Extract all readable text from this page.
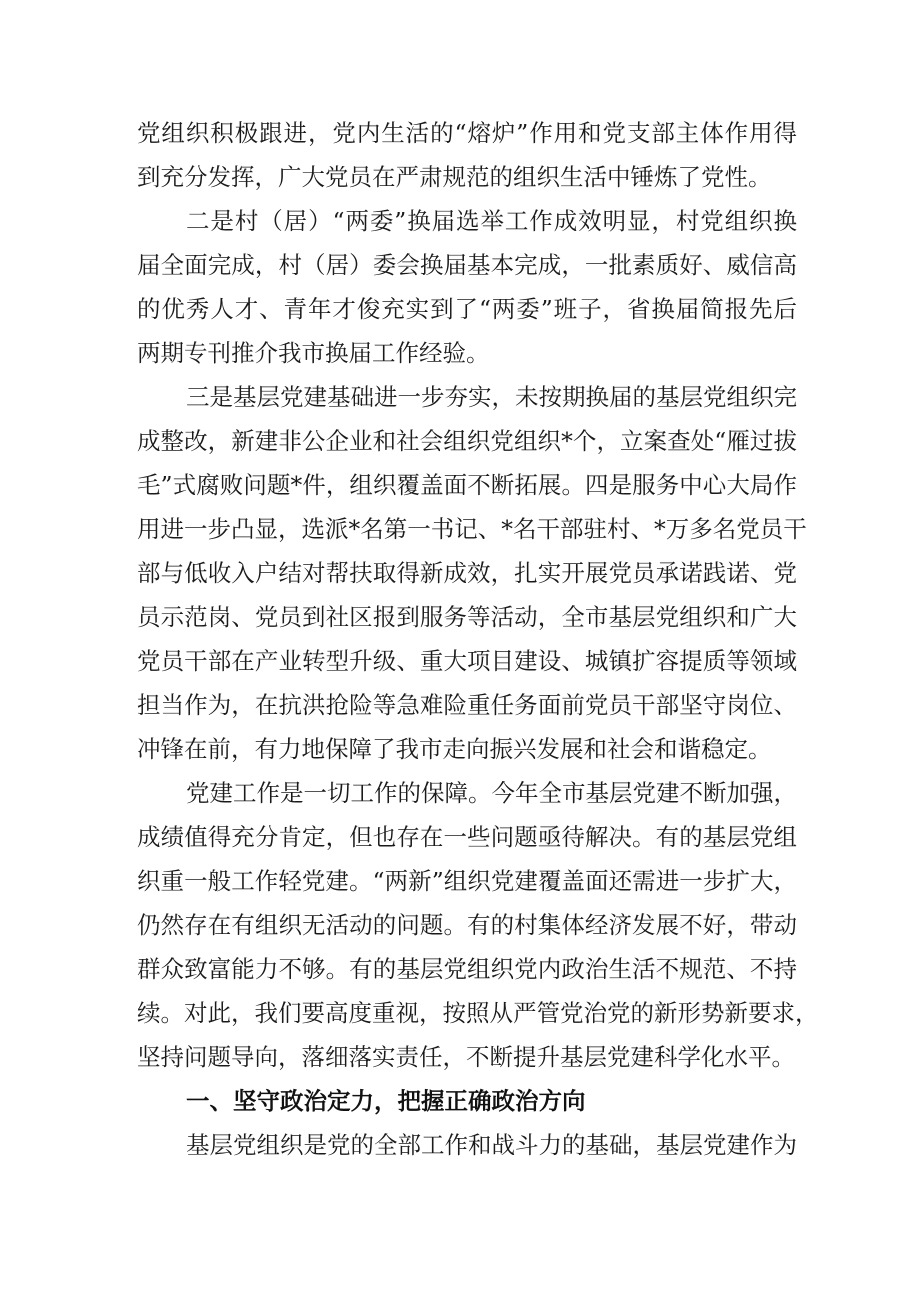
党组织积极跟进，党内生活的“熔炉”作用和党支部主体作用得

到充分发挥，广大党员在严肃规范的组织生活中锤炼了党性。

二是村（居）“两委”换届选举工作成效明显，村党组织换

届全面完成，村（居）委会换届基本完成，一批素质好、威信高

的优秀人才、青年才俊充实到了“两委”班子，省换届简报先后

两期专刊推介我市换届工作经验。

三是基层党建基础进一步夯实，未按期换届的基层党组织完

成整改，新建非公企业和社会组织党组织*个，立案查处“雁过拔

毛”式腐败问题*件，组织覆盖面不断拓展。四是服务中心大局作

用进一步凸显，选派*名第一书记、*名干部驻村、*万多名党员干

部与低收入户结对帮扶取得新成效，扎实开展党员承诺践诺、党

员示范岗、党员到社区报到服务等活动，全市基层党组织和广大

党员干部在产业转型升级、重大项目建设、城镇扩容提质等领域

担当作为，在抗洪抢险等急难险重任务面前党员干部坚守岗位、

冲锋在前，有力地保障了我市走向振兴发展和社会和谐稳定。

党建工作是一切工作的保障。今年全市基层党建不断加强，

成绩值得充分肯定，但也存在一些问题亟待解决。有的基层党组

织重一般工作轻党建。“两新”组织党建覆盖面还需进一步扩大，

仍然存在有组织无活动的问题。有的村集体经济发展不好，带动

群众致富能力不够。有的基层党组织党内政治生活不规范、不持

续。对此，我们要高度重视，按照从严管党治党的新形势新要求，

坚持问题导向，落细落实责任，不断提升基层党建科学化水平。

一、坚守政治定力，把握正确政治方向

基层党组织是党的全部工作和战斗力的基础，基层党建作为
